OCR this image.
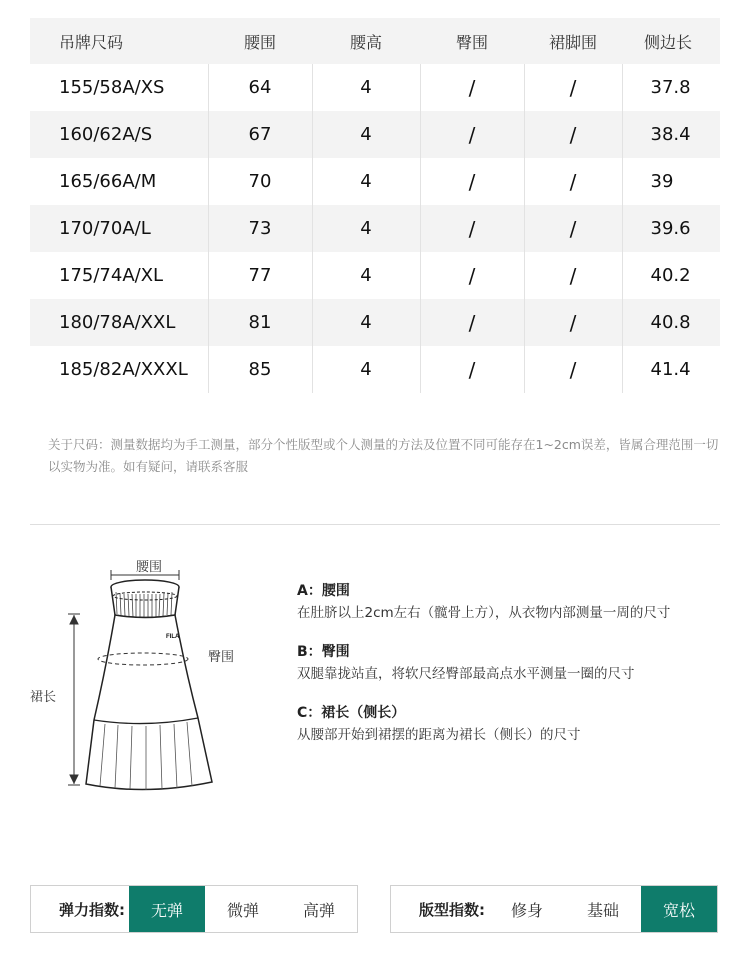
吊牌尺码	腰围	腰高	臀围	裙脚围	侧边长
155/58A/XS	64	4	/	/	37.8
160/62A/S	67	4	/	/	38.4
165/66A/M	70	4	/	/	39
170/70A/L	73	4	/	/	39.6
175/74A/XL	77	4	/	/	40.2
180/78A/XXL	81	4	/	/	40.8
185/82A/XXXL	85	4	/	/	41.4

关于尺码：测量数据均为手工测量，部分个性版型或个人测量的方法及位置不同可能存在1~2cm误差，皆属合理范围一切以实物为准。如有疑问，请联系客服

FILA
腰围
臀围
裙长
A：腰围
在肚脐以上2cm左右（髋骨上方），从衣物内部测量一周的尺寸
B：臀围
双腿靠拢站直，将软尺经臀部最高点水平测量一圈的尺寸
C：裙长（侧长）
从腰部开始到裙摆的距离为裙长（侧长）的尺寸
弹力指数:	无弹	微弹	高弹	版型指数:	修身	基础	宽松
